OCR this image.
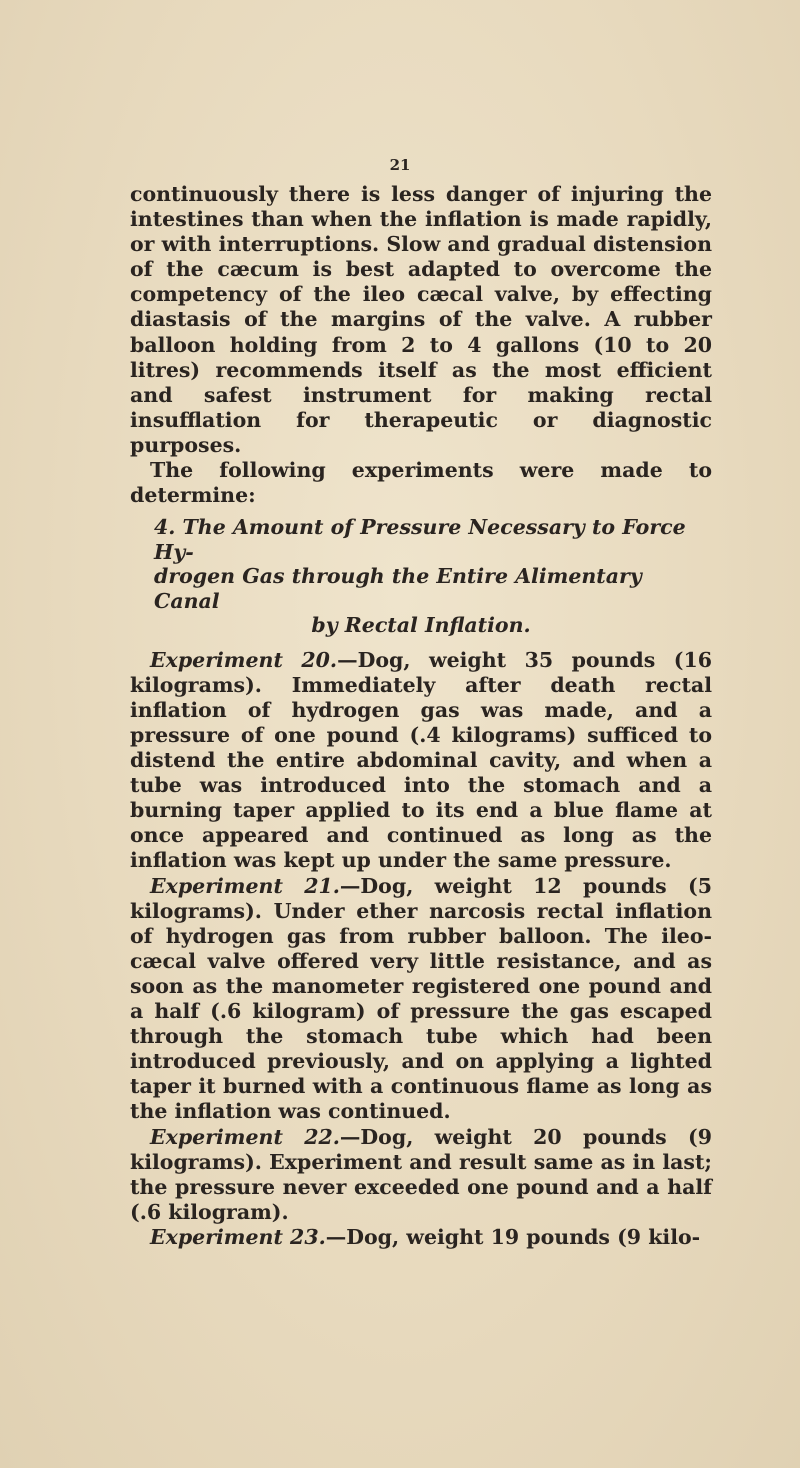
21

continuously there is less danger of injuring the intestines than when the inflation is made rapidly, or with interruptions. Slow and gradual distension of the cæcum is best adapted to overcome the competency of the ileo cæcal valve, by effecting diastasis of the margins of the valve. A rubber balloon holding from 2 to 4 gallons (10 to 20 litres) recommends itself as the most efficient and safest instrument for making rectal insufflation for therapeutic or diagnostic purposes.

The following experiments were made to determine:

4. The Amount of Pressure Necessary to Force Hy-
drogen Gas through the Entire Alimentary Canal
by Rectal Inflation.

Experiment 20.—Dog, weight 35 pounds (16 kilograms). Immediately after death rectal inflation of hydrogen gas was made, and a pressure of one pound (.4 kilograms) sufficed to distend the entire abdominal cavity, and when a tube was introduced into the stomach and a burning taper applied to its end a blue flame at once appeared and continued as long as the inflation was kept up under the same pressure.

Experiment 21.—Dog, weight 12 pounds (5 kilograms). Under ether narcosis rectal inflation of hydrogen gas from rubber balloon. The ileo-cæcal valve offered very little resistance, and as soon as the manometer registered one pound and a half (.6 kilogram) of pressure the gas escaped through the stomach tube which had been introduced previously, and on applying a lighted taper it burned with a continuous flame as long as the inflation was continued.

Experiment 22.—Dog, weight 20 pounds (9 kilograms). Experiment and result same as in last; the pressure never exceeded one pound and a half (.6 kilogram).

Experiment 23.—Dog, weight 19 pounds (9 kilo-
